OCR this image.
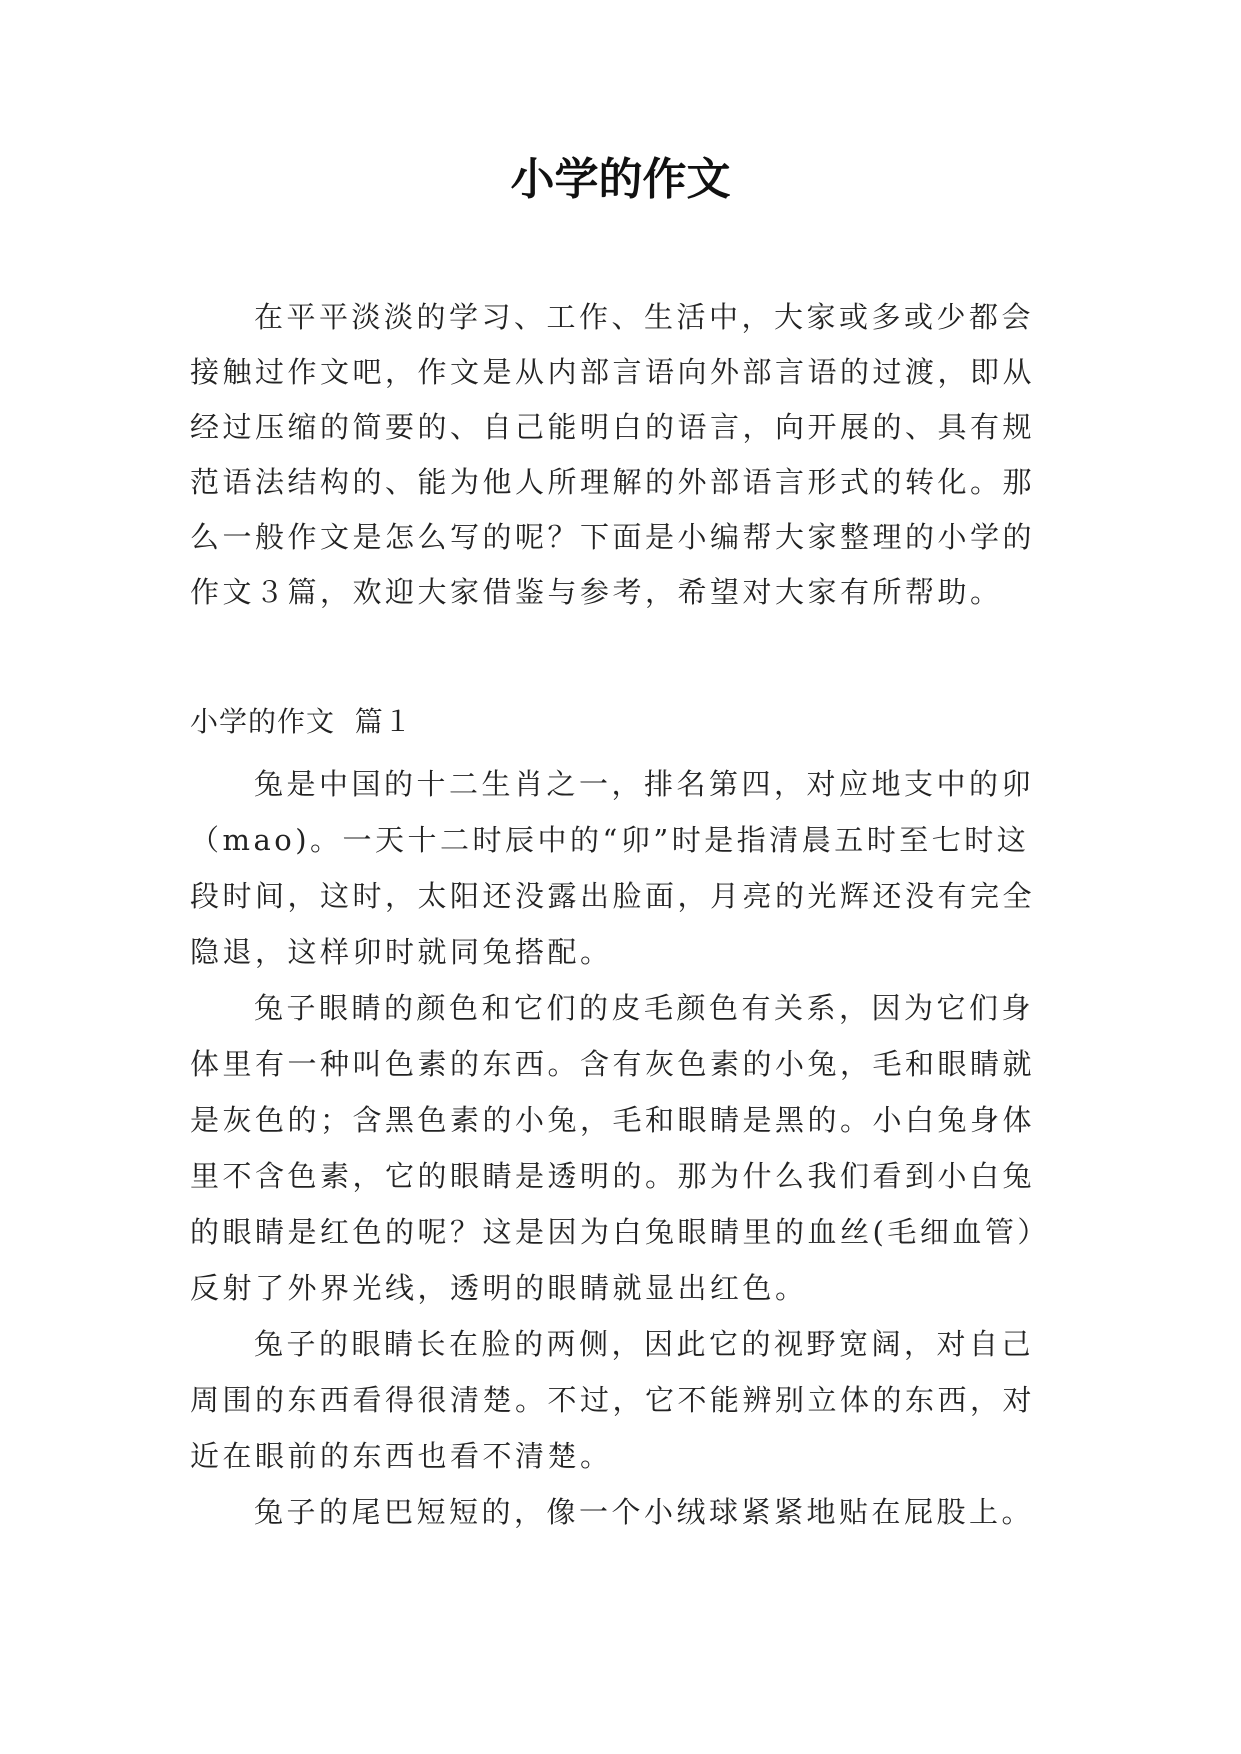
小学的作文

在平平淡淡的学习、工作、生活中，大家或多或少都会接触过作文吧，作文是从内部言语向外部言语的过渡，即从经过压缩的简要的、自己能明白的语言，向开展的、具有规范语法结构的、能为他人所理解的外部语言形式的转化。那么一般作文是怎么写的呢？下面是小编帮大家整理的小学的作文３篇，欢迎大家借鉴与参考，希望对大家有所帮助。

小学的作文  篇１

兔是中国的十二生肖之一，排名第四，对应地支中的卯（mao)。一天十二时辰中的“卯”时是指清晨五时至七时这段时间，这时，太阳还没露出脸面，月亮的光辉还没有完全隐退，这样卯时就同兔搭配。

兔子眼睛的颜色和它们的皮毛颜色有关系，因为它们身体里有一种叫色素的东西。含有灰色素的小兔，毛和眼睛就是灰色的；含黑色素的小兔，毛和眼睛是黑的。小白兔身体里不含色素，它的眼睛是透明的。那为什么我们看到小白兔的眼睛是红色的呢？这是因为白兔眼睛里的血丝(毛细血管）反射了外界光线，透明的眼睛就显出红色。

兔子的眼睛长在脸的两侧，因此它的视野宽阔，对自己周围的东西看得很清楚。不过，它不能辨别立体的东西，对近在眼前的东西也看不清楚。

兔子的尾巴短短的，像一个小绒球紧紧地贴在屁股上。
